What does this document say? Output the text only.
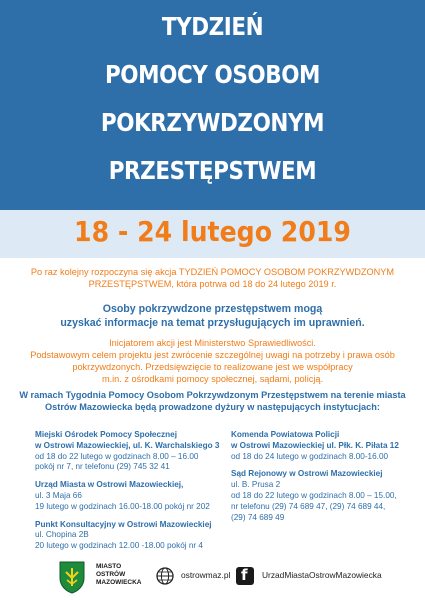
TYDZIEŃ
POMOCY OSOBOM
POKRZYWDZONYM
PRZESTĘPSTWEM
18 - 24 lutego 2019
Po raz kolejny rozpoczyna się akcja TYDZIEŃ POMOCY OSOBOM POKRZYWDZONYM
PRZESTĘPSTWEM, która potrwa od 18 do 24 lutego 2019 r.
Osoby pokrzywdzone przestępstwem mogą
uzyskać informacje na temat przysługujących im uprawnień.
Inicjatorem akcji jest Ministerstwo Sprawiedliwości.
Podstawowym celem projektu jest zwrócenie szczególnej uwagi na potrzeby i prawa osób
pokrzywdzonych. Przedsięwzięcie to realizowane jest we współpracy
m.in. z ośrodkami pomocy społecznej, sądami, policją.
W ramach Tygodnia Pomocy Osobom Pokrzywdzonym Przestępstwem na terenie miasta
Ostrów Mazowiecka będą prowadzone dyżury w następujących instytucjach:
Miejski Ośrodek Pomocy Społecznej
w Ostrowi Mazowieckiej, ul. K. Warchalskiego 3
od 18 do 22 lutego w godzinach 8.00 – 16.00
pokój nr 7, nr telefonu (29) 745 32 41
Urząd Miasta w Ostrowi Mazowieckiej,
ul. 3 Maja 66
19 lutego w godzinach 16.00-18.00 pokój nr 202
Punkt Konsultacyjny w Ostrowi Mazowieckiej
ul. Chopina 2B
20 lutego w godzinach 12.00 -18.00 pokój nr 4
Komenda Powiatowa Policji
w Ostrowi Mazowieckiej ul. Płk. K. Piłata 12
od 18 do 24 lutego w godzinach 8.00-16.00
Sąd Rejonowy w Ostrowi Mazowieckiej
ul. B. Prusa 2
od 18 do 22 lutego w godzinach 8.00 – 15.00,
nr telefonu (29) 74 689 47, (29) 74 689 44,
(29) 74 689 49
MIASTO
OSTRÓW
MAZOWIECKA
ostrowmaz.pl f UrzadMiastaOstrowMazowiecka
